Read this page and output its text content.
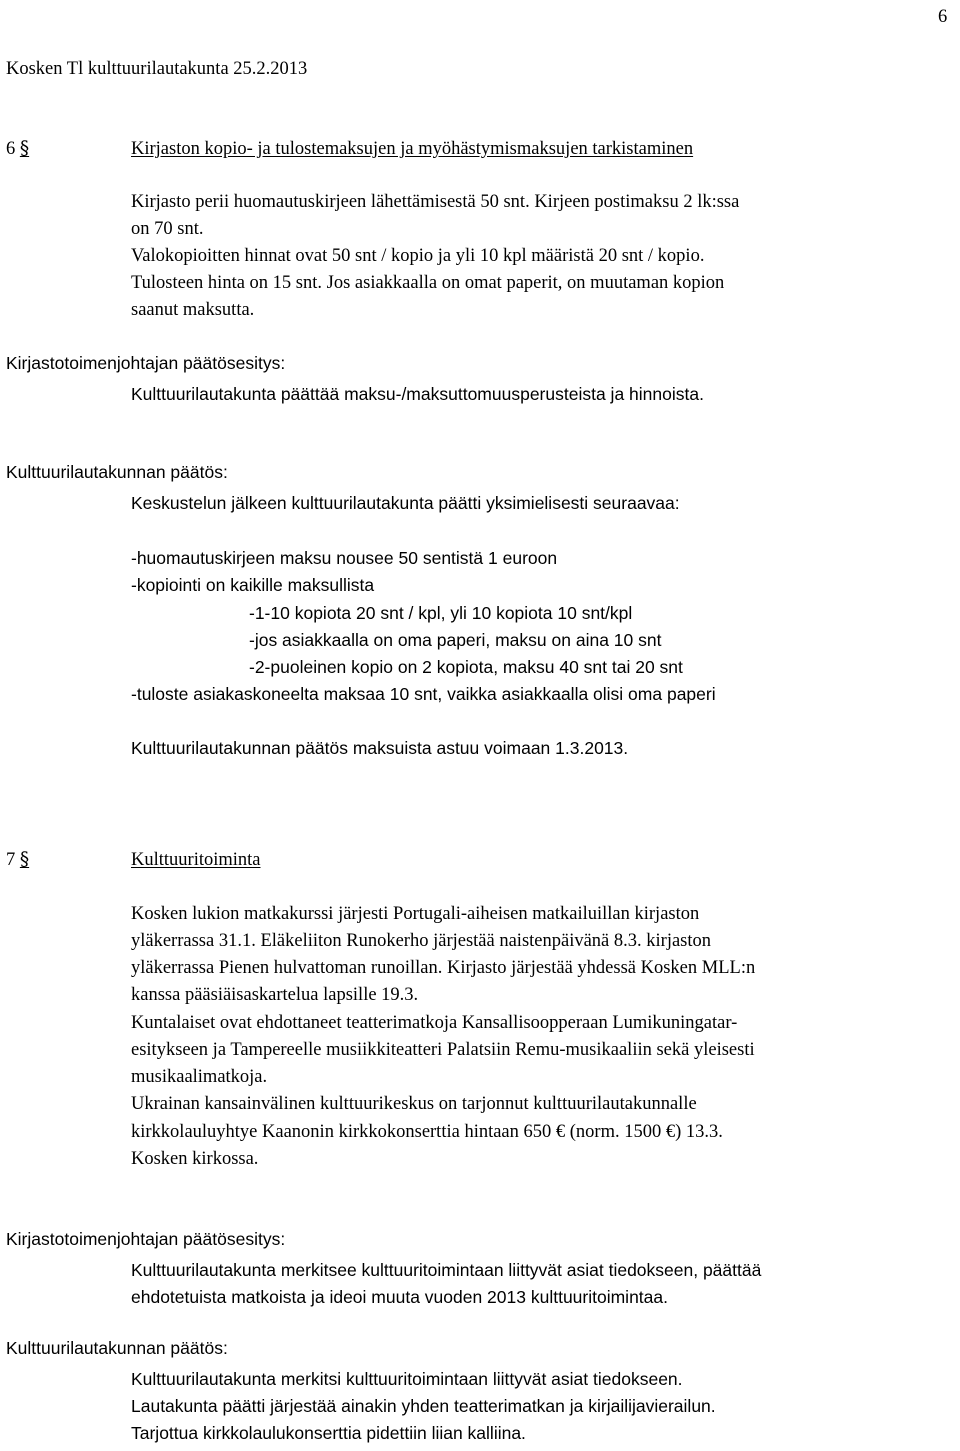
6
Kosken Tl kulttuurilautakunta 25.2.2013
6 §	Kirjaston kopio- ja tulostemaksujen ja myöhästymismaksujen tarkistaminen
Kirjasto perii huomautuskirjeen lähettämisestä 50 snt. Kirjeen postimaksu 2 lk:ssa
on 70 snt.
Valokopioitten hinnat ovat 50 snt / kopio ja yli 10 kpl määristä 20 snt / kopio.
Tulosteen hinta on 15 snt. Jos asiakkaalla on omat paperit, on muutaman kopion
saanut maksutta.
Kirjastotoimenjohtajan päätösesitys:
Kulttuurilautakunta päättää maksu-/maksuttomuusperusteista ja hinnoista.
Kulttuurilautakunnan päätös:
Keskustelun jälkeen kulttuurilautakunta päätti yksimielisesti seuraavaa:
-huomautuskirjeen maksu nousee 50 sentistä 1 euroon
-kopiointi on kaikille maksullista
-1-10 kopiota 20 snt / kpl, yli 10 kopiota 10 snt/kpl
-jos asiakkaalla on oma paperi, maksu on aina 10 snt
-2-puoleinen kopio on 2 kopiota, maksu 40 snt tai 20 snt
-tuloste asiakaskoneelta maksaa 10 snt, vaikka asiakkaalla olisi oma paperi
Kulttuurilautakunnan päätös maksuista astuu voimaan 1.3.2013.
7 §	Kulttuuritoiminta
Kosken lukion matkakurssi järjesti Portugali-aiheisen matkailuillan kirjaston
yläkerrassa 31.1. Eläkeliiton Runokerho järjestää naistenpäivänä 8.3. kirjaston
yläkerrassa Pienen hulvattoman runoillan. Kirjasto järjestää yhdessä Kosken MLL:n
kanssa pääsiäisaskartelua lapsille 19.3.
Kuntalaiset ovat ehdottaneet teatterimatkoja Kansallisoopperaan Lumikuningatar-
esitykseen ja Tampereelle musiikkiteatteri Palatsiin Remu-musikaaliin sekä yleisesti
musikaalimatkoja.
Ukrainan kansainvälinen kulttuurikeskus on tarjonnut kulttuurilautakunnalle
kirkkolauluyhtye Kaanonin kirkkokonserttia hintaan 650 € (norm. 1500 €) 13.3.
Kosken kirkossa.
Kirjastotoimenjohtajan päätösesitys:
Kulttuurilautakunta merkitsee kulttuuritoimintaan liittyvät asiat tiedokseen, päättää
ehdotetuista matkoista ja ideoi muuta vuoden 2013 kulttuuritoimintaa.
Kulttuurilautakunnan päätös:
Kulttuurilautakunta merkitsi kulttuuritoimintaan liittyvät asiat tiedokseen.
Lautakunta päätti järjestää ainakin yhden teatterimatkan ja kirjailijavierailun.
Tarjottua kirkkolaulukonserttia pidettiin liian kalliina.
